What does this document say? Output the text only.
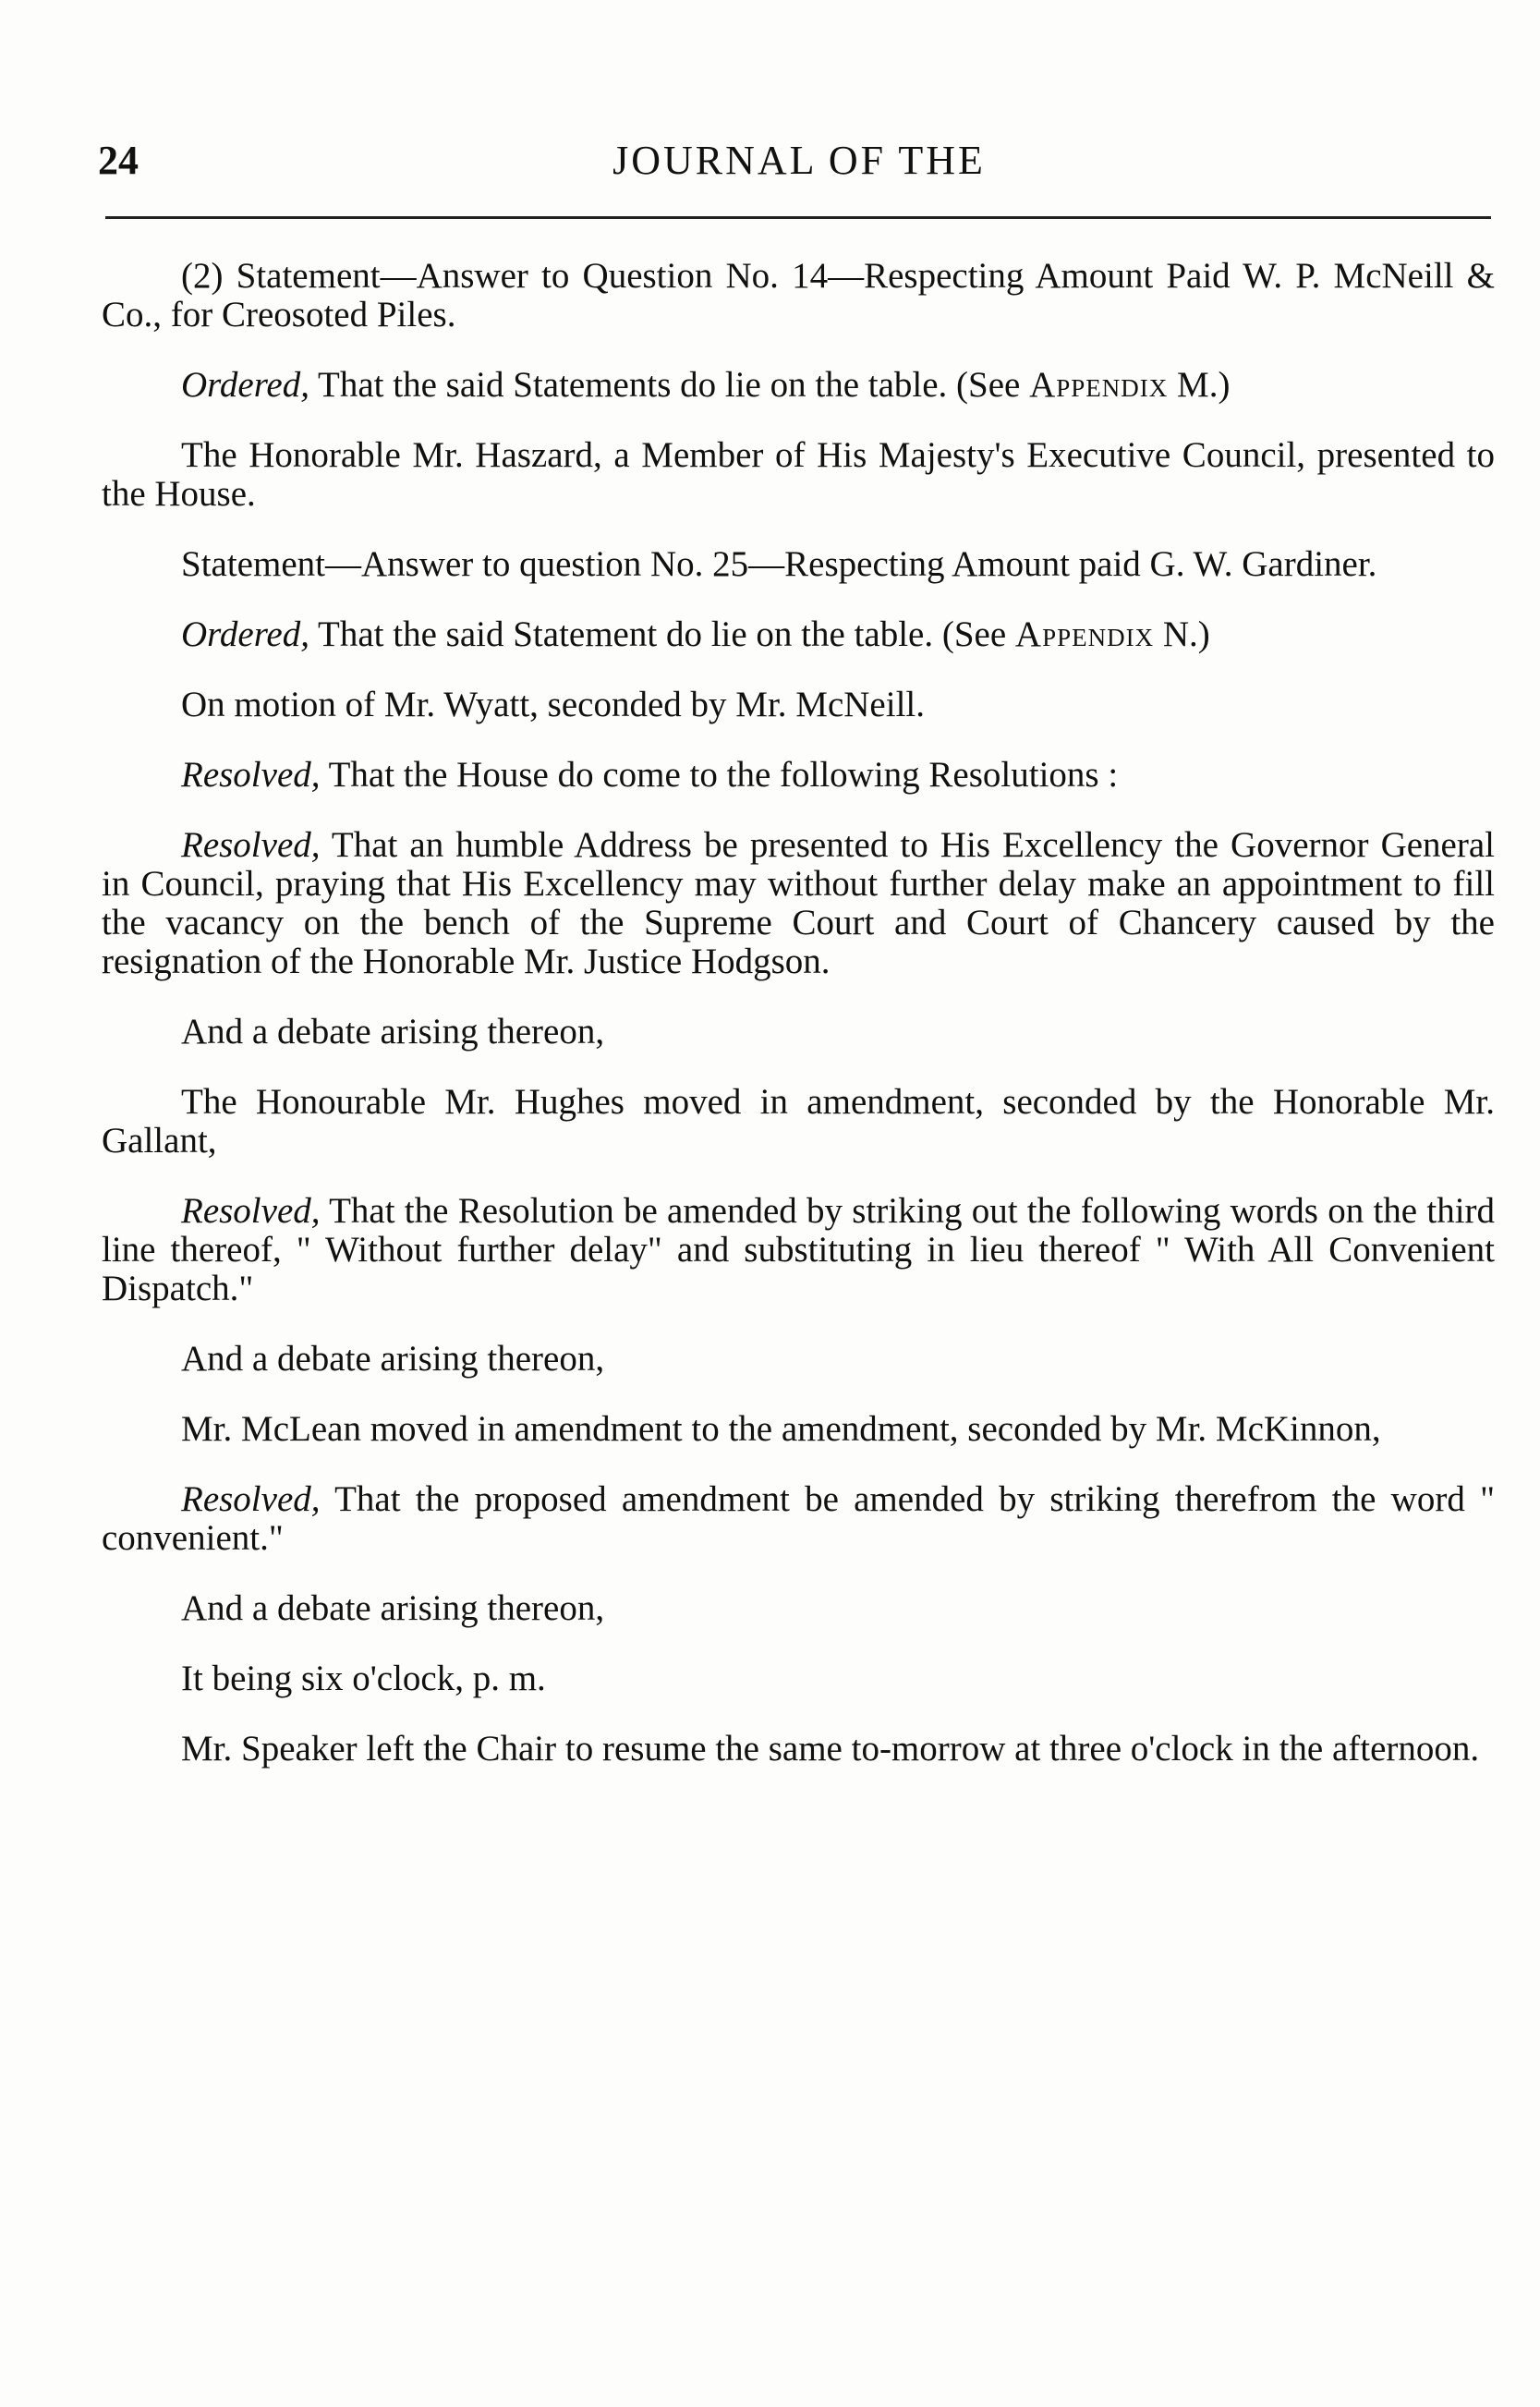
24	JOURNAL OF THE

(2) Statement—Answer to Question No. 14—Respecting Amount Paid W. P. McNeill & Co., for Creosoted Piles.

Ordered, That the said Statements do lie on the table. (See Appendix M.)

The Honorable Mr. Haszard, a Member of His Majesty's Executive Council, presented to the House.

Statement—Answer to question No. 25—Respecting Amount paid G. W. Gardiner.

Ordered, That the said Statement do lie on the table. (See Appendix N.)

On motion of Mr. Wyatt, seconded by Mr. McNeill.

Resolved, That the House do come to the following Resolutions :

Resolved, That an humble Address be presented to His Excellency the Governor General in Council, praying that His Excellency may without further delay make an appointment to fill the vacancy on the bench of the Supreme Court and Court of Chancery caused by the resignation of the Honorable Mr. Justice Hodgson.

And a debate arising thereon,

The Honourable Mr. Hughes moved in amendment, seconded by the Honorable Mr. Gallant,

Resolved, That the Resolution be amended by striking out the following words on the third line thereof, " Without further delay" and substituting in lieu thereof " With All Convenient Dispatch."

And a debate arising thereon,

Mr. McLean moved in amendment to the amendment, seconded by Mr. McKinnon,

Resolved, That the proposed amendment be amended by striking therefrom the word " convenient."

And a debate arising thereon,

It being six o'clock, p. m.

Mr. Speaker left the Chair to resume the same to-morrow at three o'clock in the afternoon.
